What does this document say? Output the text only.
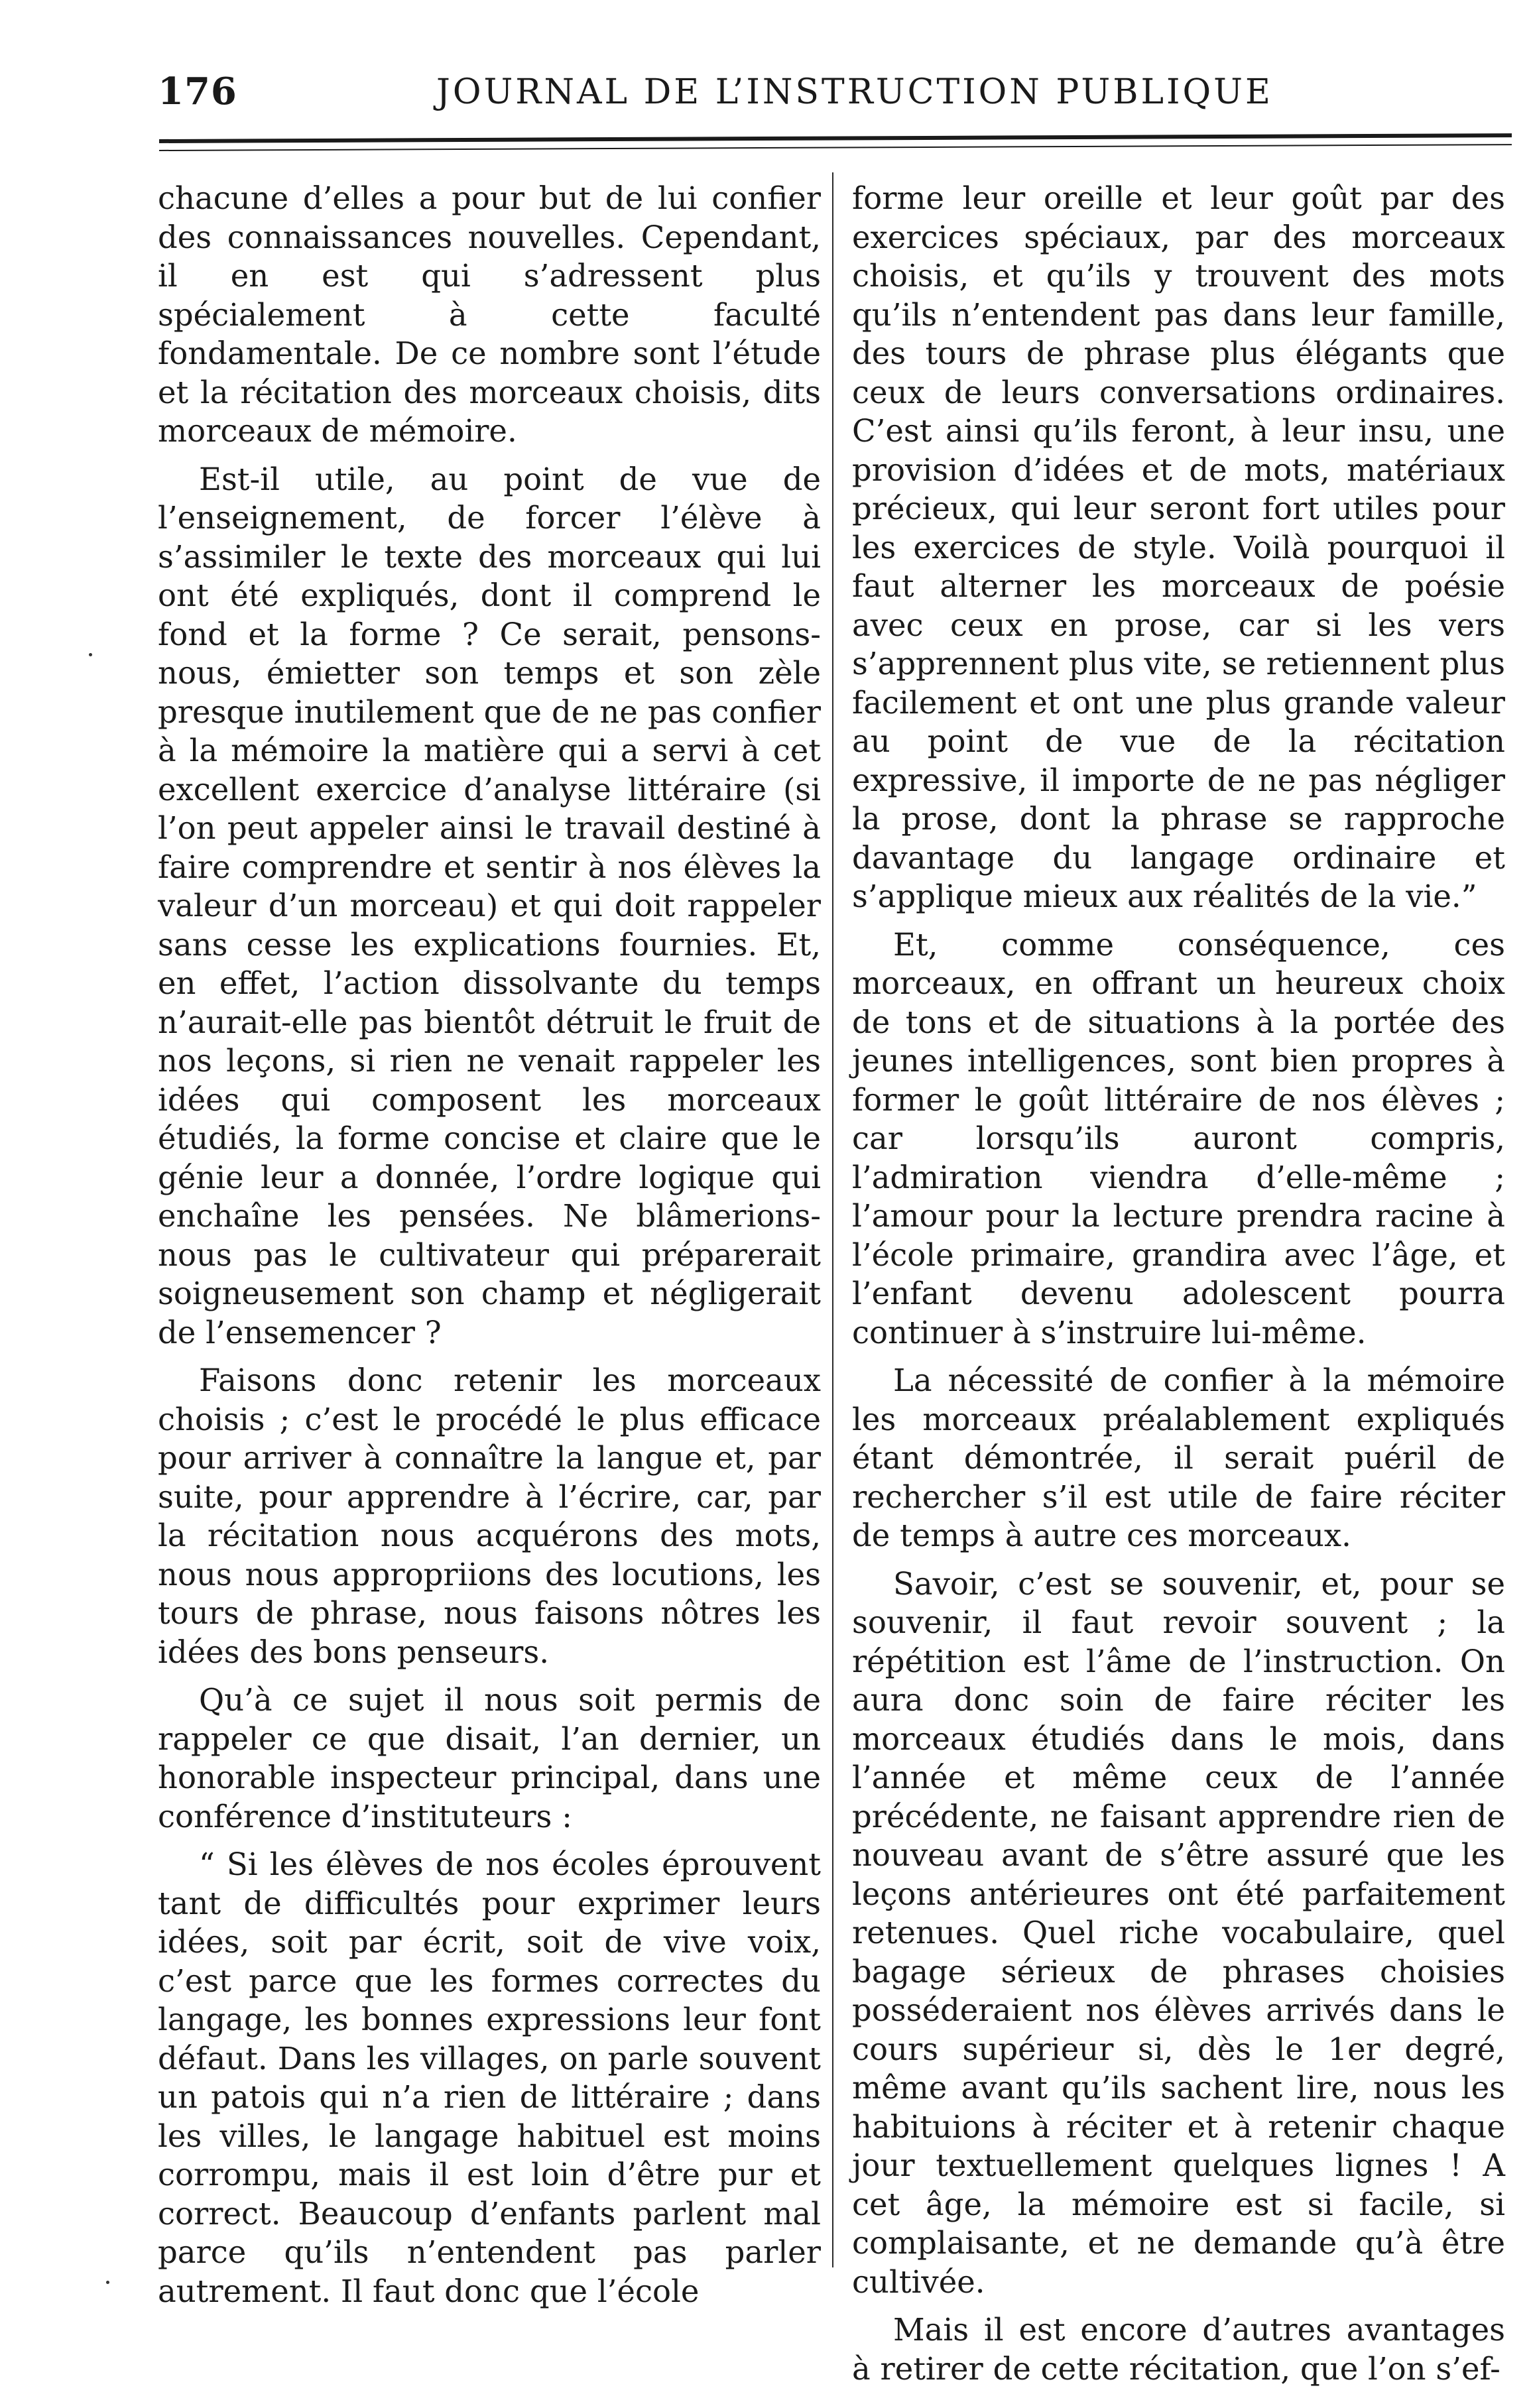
176	JOURNAL DE L’INSTRUCTION PUBLIQUE

chacune d’elles a pour but de lui confier des connaissances nouvelles. Cependant, il en est qui s’adressent plus spécialement à cette faculté fondamentale. De ce nombre sont l’étude et la récitation des morceaux choisis, dits morceaux de mémoire.

Est-il utile, au point de vue de l’enseignement, de forcer l’élève à s’assimiler le texte des morceaux qui lui ont été expliqués, dont il comprend le fond et la forme ? Ce serait, pensons-nous, émietter son temps et son zèle presque inutilement que de ne pas confier à la mémoire la matière qui a servi à cet excellent exercice d’analyse littéraire (si l’on peut appeler ainsi le travail destiné à faire comprendre et sentir à nos élèves la valeur d’un morceau) et qui doit rappeler sans cesse les explications fournies. Et, en effet, l’action dissolvante du temps n’aurait-elle pas bientôt détruit le fruit de nos leçons, si rien ne venait rappeler les idées qui composent les morceaux étudiés, la forme concise et claire que le génie leur a donnée, l’ordre logique qui enchaîne les pensées. Ne blâmerions-nous pas le cultivateur qui préparerait soigneusement son champ et négligerait de l’ensemencer ?

Faisons donc retenir les morceaux choisis ; c’est le procédé le plus efficace pour arriver à connaître la langue et, par suite, pour apprendre à l’écrire, car, par la récitation nous acquérons des mots, nous nous appropriions des locutions, les tours de phrase, nous faisons nôtres les idées des bons penseurs.

Qu’à ce sujet il nous soit permis de rappeler ce que disait, l’an dernier, un honorable inspecteur principal, dans une conférence d’instituteurs :

“ Si les élèves de nos écoles éprouvent tant de difficultés pour exprimer leurs idées, soit par écrit, soit de vive voix, c’est parce que les formes correctes du langage, les bonnes expressions leur font défaut. Dans les villages, on parle souvent un patois qui n’a rien de littéraire ; dans les villes, le langage habituel est moins corrompu, mais il est loin d’être pur et correct. Beaucoup d’enfants parlent mal parce qu’ils n’entendent pas parler autrement. Il faut donc que l’école

forme leur oreille et leur goût par des exercices spéciaux, par des morceaux choisis, et qu’ils y trouvent des mots qu’ils n’entendent pas dans leur famille, des tours de phrase plus élégants que ceux de leurs conversations ordinaires. C’est ainsi qu’ils feront, à leur insu, une provision d’idées et de mots, matériaux précieux, qui leur seront fort utiles pour les exercices de style. Voilà pourquoi il faut alterner les morceaux de poésie avec ceux en prose, car si les vers s’apprennent plus vite, se retiennent plus facilement et ont une plus grande valeur au point de vue de la récitation expressive, il importe de ne pas négliger la prose, dont la phrase se rapproche davantage du langage ordinaire et s’applique mieux aux réalités de la vie.”

Et, comme conséquence, ces morceaux, en offrant un heureux choix de tons et de situations à la portée des jeunes intelligences, sont bien propres à former le goût littéraire de nos élèves ; car lorsqu’ils auront compris, l’admiration viendra d’elle-même ; l’amour pour la lecture prendra racine à l’école primaire, grandira avec l’âge, et l’enfant devenu adolescent pourra continuer à s’instruire lui-même.

La nécessité de confier à la mémoire les morceaux préalablement expliqués étant démontrée, il serait puéril de rechercher s’il est utile de faire réciter de temps à autre ces morceaux.

Savoir, c’est se souvenir, et, pour se souvenir, il faut revoir souvent ; la répétition est l’âme de l’instruction. On aura donc soin de faire réciter les morceaux étudiés dans le mois, dans l’année et même ceux de l’année précédente, ne faisant apprendre rien de nouveau avant de s’être assuré que les leçons antérieures ont été parfaitement retenues. Quel riche vocabulaire, quel bagage sérieux de phrases choisies posséderaient nos élèves arrivés dans le cours supérieur si, dès le 1er degré, même avant qu’ils sachent lire, nous les habituions à réciter et à retenir chaque jour textuellement quelques lignes ! A cet âge, la mémoire est si facile, si complaisante, et ne demande qu’à être cultivée.

Mais il est encore d’autres avantages à retirer de cette récitation, que l’on s’ef-
